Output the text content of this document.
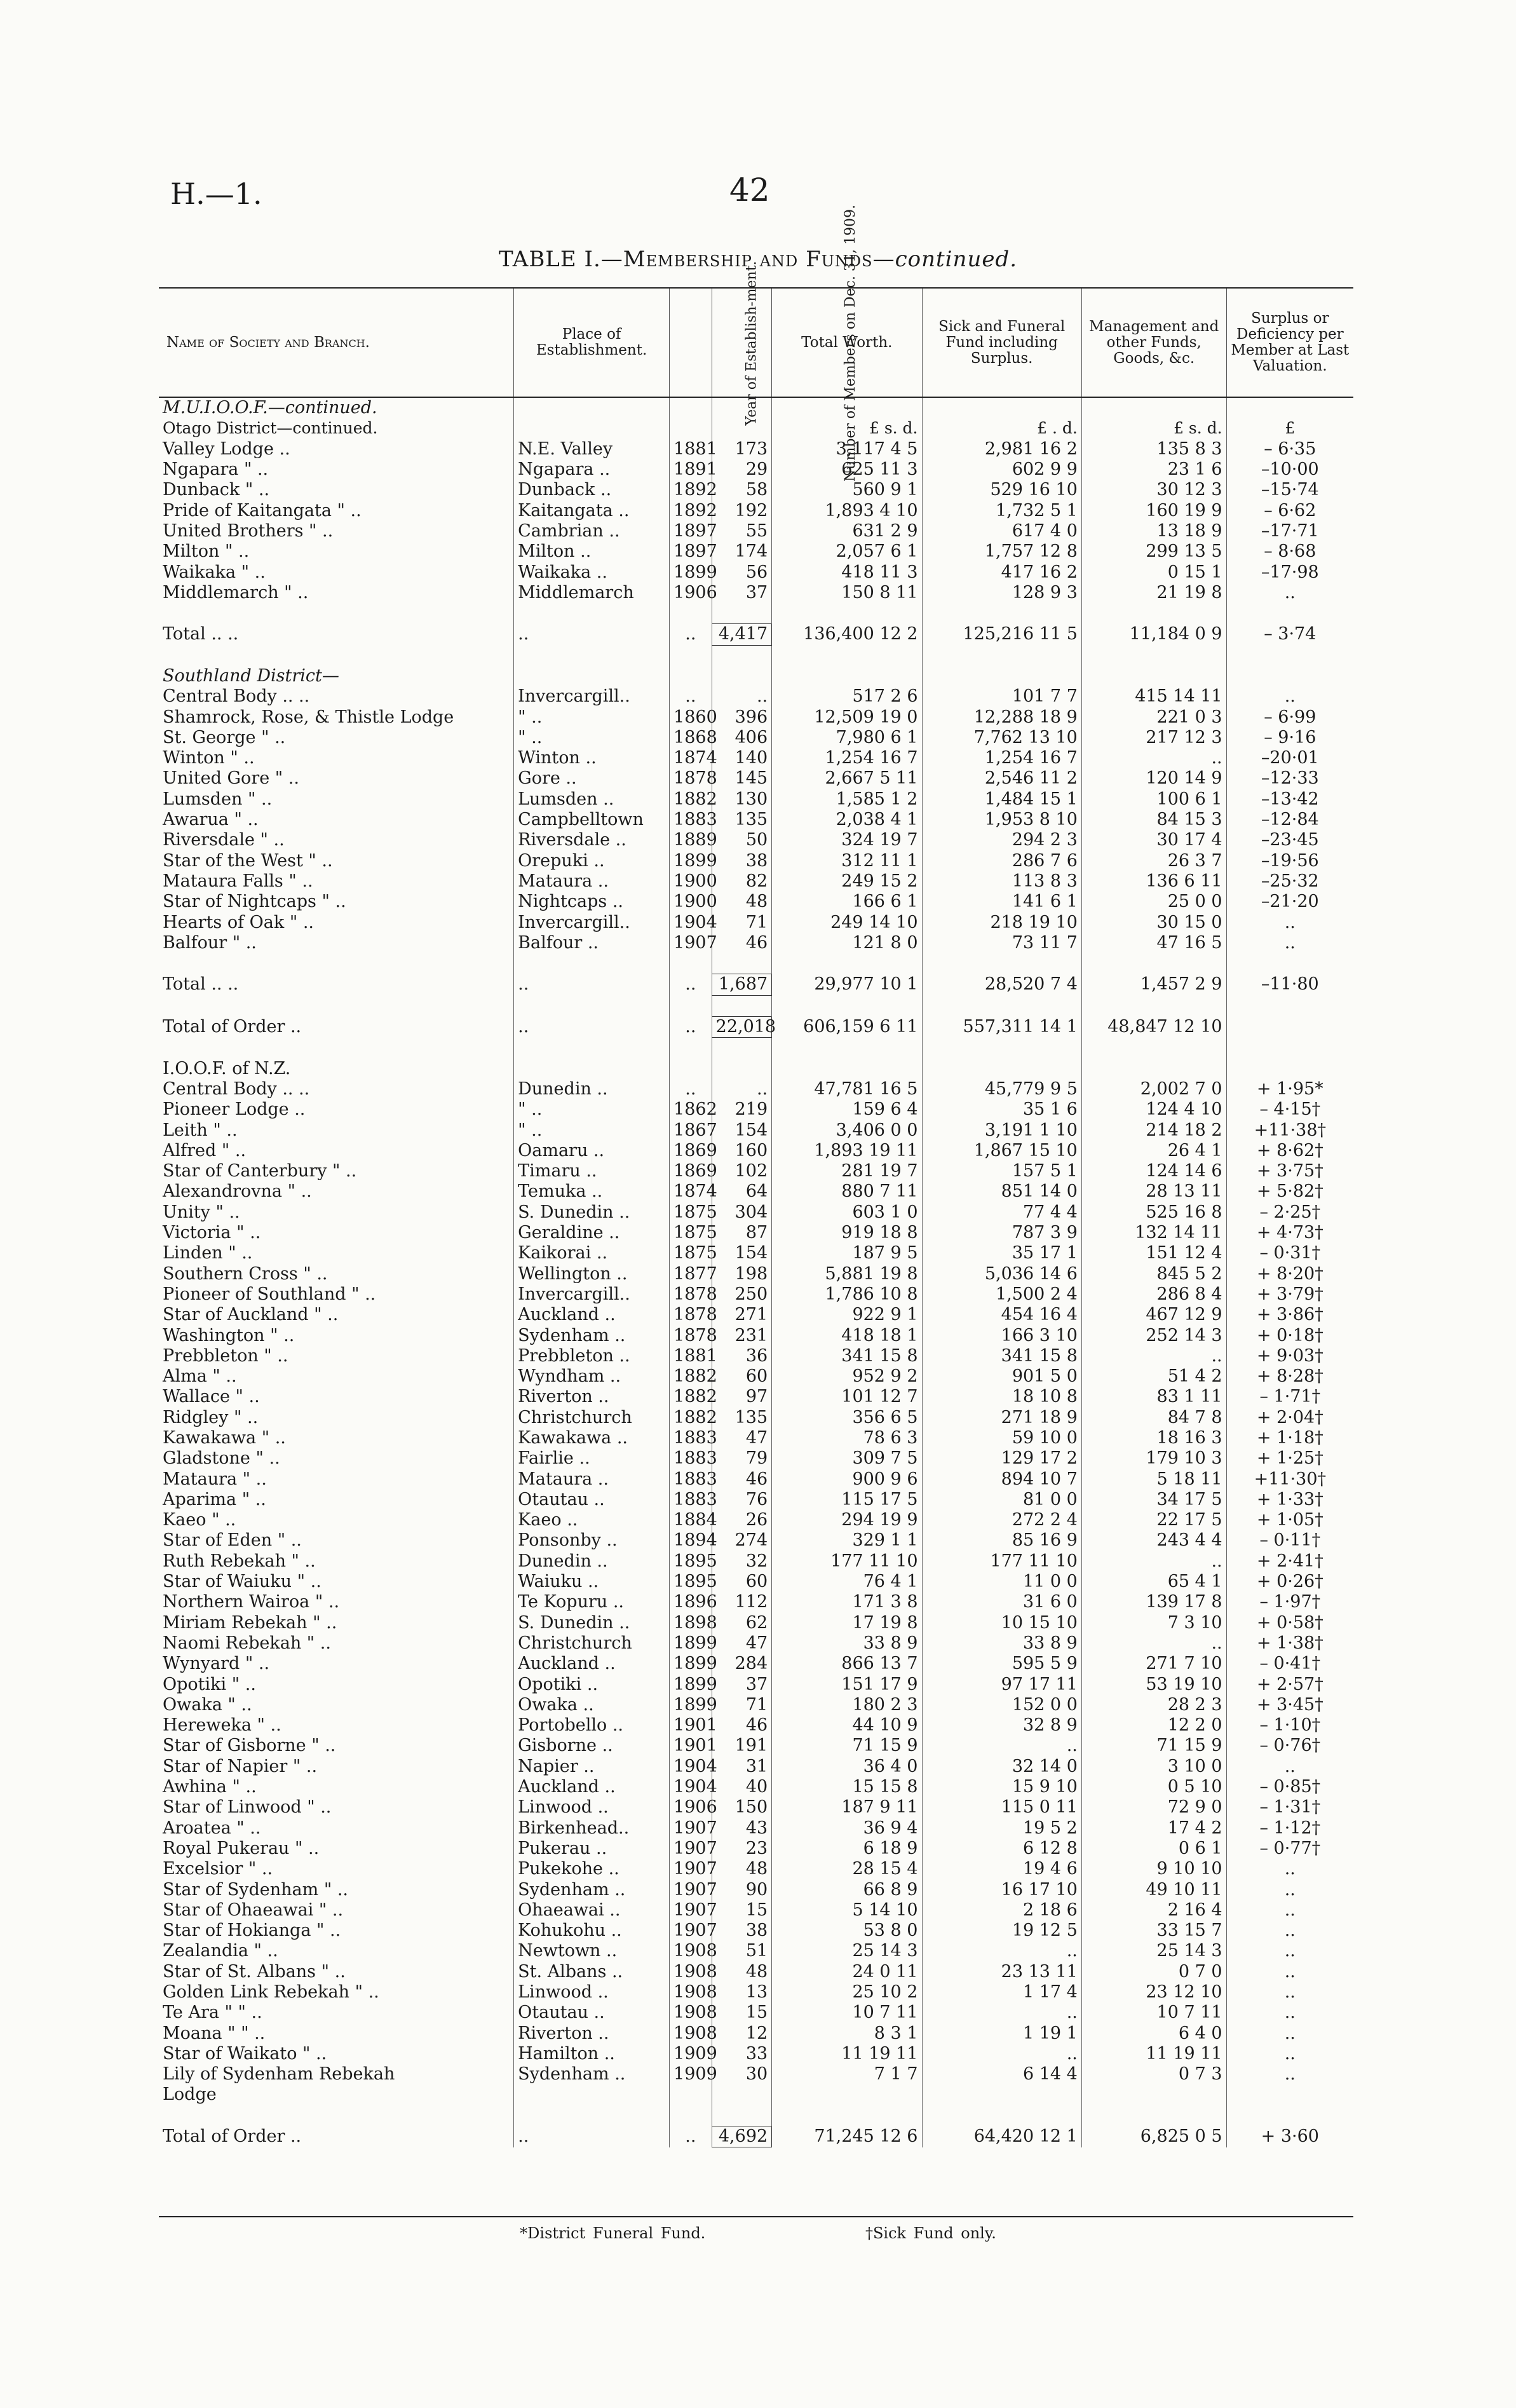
H.—1.	42
TABLE I.—Membership and Funds—continued.
Name of Society and Branch.	Place of Establishment.	Year of Establish-ment.	Number of Members on Dec. 31, 1909.	Total Worth.	Sick and Funeral Fund including Surplus.	Management and other Funds, Goods, &c.	Surplus or Deficiency per Member at Last Valuation.
M.U.I.O.O.F.—continued.							
Otago District—continued.				£ s. d.	£ . d.	£ s. d.	£
Valley Lodge ..	N.E. Valley	1881	173	3,117 4 5	2,981 16 2	135 8 3	– 6·35
Ngapara " ..	Ngapara ..	1891	29	625 11 3	602 9 9	23 1 6	–10·00
Dunback " ..	Dunback ..	1892	58	560 9 1	529 16 10	30 12 3	–15·74
Pride of Kaitangata " ..	Kaitangata ..	1892	192	1,893 4 10	1,732 5 1	160 19 9	– 6·62
United Brothers " ..	Cambrian ..	1897	55	631 2 9	617 4 0	13 18 9	–17·71
Milton " ..	Milton ..	1897	174	2,057 6 1	1,757 12 8	299 13 5	– 8·68
Waikaka " ..	Waikaka ..	1899	56	418 11 3	417 16 2	0 15 1	–17·98
Middlemarch " ..	Middlemarch	1906	37	150 8 11	128 9 3	21 19 8	..

Total .. ..	..	..	4,417	136,400 12 2	125,216 11 5	11,184 0 9	– 3·74

Southland District—							
Central Body .. ..	Invercargill..	..	..	517 2 6	101 7 7	415 14 11	..
Shamrock, Rose, & Thistle Lodge	" ..	1860	396	12,509 19 0	12,288 18 9	221 0 3	– 6·99
St. George " ..	" ..	1868	406	7,980 6 1	7,762 13 10	217 12 3	– 9·16
Winton " ..	Winton ..	1874	140	1,254 16 7	1,254 16 7	..	–20·01
United Gore " ..	Gore ..	1878	145	2,667 5 11	2,546 11 2	120 14 9	–12·33
Lumsden " ..	Lumsden ..	1882	130	1,585 1 2	1,484 15 1	100 6 1	–13·42
Awarua " ..	Campbelltown	1883	135	2,038 4 1	1,953 8 10	84 15 3	–12·84
Riversdale " ..	Riversdale ..	1889	50	324 19 7	294 2 3	30 17 4	–23·45
Star of the West " ..	Orepuki ..	1899	38	312 11 1	286 7 6	26 3 7	–19·56
Mataura Falls " ..	Mataura ..	1900	82	249 15 2	113 8 3	136 6 11	–25·32
Star of Nightcaps " ..	Nightcaps ..	1900	48	166 6 1	141 6 1	25 0 0	–21·20
Hearts of Oak " ..	Invercargill..	1904	71	249 14 10	218 19 10	30 15 0	..
Balfour " ..	Balfour ..	1907	46	121 8 0	73 11 7	47 16 5	..

Total .. ..	..	..	1,687	29,977 10 1	28,520 7 4	1,457 2 9	–11·80

Total of Order ..	..	..	22,018	606,159 6 11	557,311 14 1	48,847 12 10	

I.O.O.F. of N.Z.							
Central Body .. ..	Dunedin ..	..	..	47,781 16 5	45,779 9 5	2,002 7 0	+ 1·95*
Pioneer Lodge ..	" ..	1862	219	159 6 4	35 1 6	124 4 10	– 4·15†
Leith " ..	" ..	1867	154	3,406 0 0	3,191 1 10	214 18 2	+11·38†
Alfred " ..	Oamaru ..	1869	160	1,893 19 11	1,867 15 10	26 4 1	+ 8·62†
Star of Canterbury " ..	Timaru ..	1869	102	281 19 7	157 5 1	124 14 6	+ 3·75†
Alexandrovna " ..	Temuka ..	1874	64	880 7 11	851 14 0	28 13 11	+ 5·82†
Unity " ..	S. Dunedin ..	1875	304	603 1 0	77 4 4	525 16 8	– 2·25†
Victoria " ..	Geraldine ..	1875	87	919 18 8	787 3 9	132 14 11	+ 4·73†
Linden " ..	Kaikorai ..	1875	154	187 9 5	35 17 1	151 12 4	– 0·31†
Southern Cross " ..	Wellington ..	1877	198	5,881 19 8	5,036 14 6	845 5 2	+ 8·20†
Pioneer of Southland " ..	Invercargill..	1878	250	1,786 10 8	1,500 2 4	286 8 4	+ 3·79†
Star of Auckland " ..	Auckland ..	1878	271	922 9 1	454 16 4	467 12 9	+ 3·86†
Washington " ..	Sydenham ..	1878	231	418 18 1	166 3 10	252 14 3	+ 0·18†
Prebbleton " ..	Prebbleton ..	1881	36	341 15 8	341 15 8	..	+ 9·03†
Alma " ..	Wyndham ..	1882	60	952 9 2	901 5 0	51 4 2	+ 8·28†
Wallace " ..	Riverton ..	1882	97	101 12 7	18 10 8	83 1 11	– 1·71†
Ridgley " ..	Christchurch	1882	135	356 6 5	271 18 9	84 7 8	+ 2·04†
Kawakawa " ..	Kawakawa ..	1883	47	78 6 3	59 10 0	18 16 3	+ 1·18†
Gladstone " ..	Fairlie ..	1883	79	309 7 5	129 17 2	179 10 3	+ 1·25†
Mataura " ..	Mataura ..	1883	46	900 9 6	894 10 7	5 18 11	+11·30†
Aparima " ..	Otautau ..	1883	76	115 17 5	81 0 0	34 17 5	+ 1·33†
Kaeo " ..	Kaeo ..	1884	26	294 19 9	272 2 4	22 17 5	+ 1·05†
Star of Eden " ..	Ponsonby ..	1894	274	329 1 1	85 16 9	243 4 4	– 0·11†
Ruth Rebekah " ..	Dunedin ..	1895	32	177 11 10	177 11 10	..	+ 2·41†
Star of Waiuku " ..	Waiuku ..	1895	60	76 4 1	11 0 0	65 4 1	+ 0·26†
Northern Wairoa " ..	Te Kopuru ..	1896	112	171 3 8	31 6 0	139 17 8	– 1·97†
Miriam Rebekah " ..	S. Dunedin ..	1898	62	17 19 8	10 15 10	7 3 10	+ 0·58†
Naomi Rebekah " ..	Christchurch	1899	47	33 8 9	33 8 9	..	+ 1·38†
Wynyard " ..	Auckland ..	1899	284	866 13 7	595 5 9	271 7 10	– 0·41†
Opotiki " ..	Opotiki ..	1899	37	151 17 9	97 17 11	53 19 10	+ 2·57†
Owaka " ..	Owaka ..	1899	71	180 2 3	152 0 0	28 2 3	+ 3·45†
Hereweka " ..	Portobello ..	1901	46	44 10 9	32 8 9	12 2 0	– 1·10†
Star of Gisborne " ..	Gisborne ..	1901	191	71 15 9	..	71 15 9	– 0·76†
Star of Napier " ..	Napier ..	1904	31	36 4 0	32 14 0	3 10 0	..
Awhina " ..	Auckland ..	1904	40	15 15 8	15 9 10	0 5 10	– 0·85†
Star of Linwood " ..	Linwood ..	1906	150	187 9 11	115 0 11	72 9 0	– 1·31†
Aroatea " ..	Birkenhead..	1907	43	36 9 4	19 5 2	17 4 2	– 1·12†
Royal Pukerau " ..	Pukerau ..	1907	23	6 18 9	6 12 8	0 6 1	– 0·77†
Excelsior " ..	Pukekohe ..	1907	48	28 15 4	19 4 6	9 10 10	..
Star of Sydenham " ..	Sydenham ..	1907	90	66 8 9	16 17 10	49 10 11	..
Star of Ohaeawai " ..	Ohaeawai ..	1907	15	5 14 10	2 18 6	2 16 4	..
Star of Hokianga " ..	Kohukohu ..	1907	38	53 8 0	19 12 5	33 15 7	..
Zealandia " ..	Newtown ..	1908	51	25 14 3	..	25 14 3	..
Star of St. Albans " ..	St. Albans ..	1908	48	24 0 11	23 13 11	0 7 0	..
Golden Link Rebekah " ..	Linwood ..	1908	13	25 10 2	1 17 4	23 12 10	..
Te Ara " " ..	Otautau ..	1908	15	10 7 11	..	10 7 11	..
Moana " " ..	Riverton ..	1908	12	8 3 1	1 19 1	6 4 0	..
Star of Waikato " ..	Hamilton ..	1909	33	11 19 11	..	11 19 11	..
Lily of Sydenham Rebekah	Sydenham ..	1909	30	7 1 7	6 14 4	0 7 3	..
Lodge							

Total of Order ..	..	..	4,692	71,245 12 6	64,420 12 1	6,825 0 5	+ 3·60
*District Funeral Fund.	†Sick Fund only.
